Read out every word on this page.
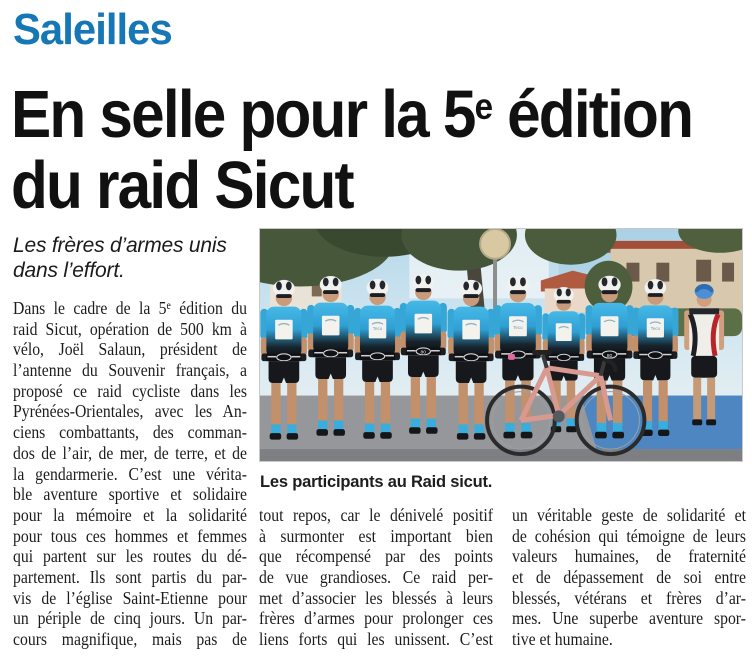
Saleilles
En selle pour la 5e édition
du raid Sicut
Les frères d’armes unis
dans l’effort.
Dans le cadre de la 5e édition du
raid Sicut, opération de 500 km à
vélo, Joël Salaun, président de
l’antenne du Souvenir français, a
proposé ce raid cycliste dans les
Pyrénées-Orientales, avec les An-
ciens combattants, des comman-
dos de l’air, de mer, de terre, et de
la gendarmerie. C’est une vérita-
ble aventure sportive et solidaire
pour la mémoire et la solidarité
pour tous ces hommes et femmes
qui partent sur les routes du dé-
partement. Ils sont partis du par-
vis de l’église Saint-Etienne pour
un périple de cinq jours. Un par-
cours magnifique, mais pas de
Teco	Teco	Teco
80
80
Les participants au Raid sicut.
tout repos, car le dénivelé positif
à surmonter est important bien
que récompensé par des points
de vue grandioses. Ce raid per-
met d’associer les blessés à leurs
frères d’armes pour prolonger ces
liens forts qui les unissent. C’est
un véritable geste de solidarité et
de cohésion qui témoigne de leurs
valeurs humaines, de fraternité
et de dépassement de soi entre
blessés, vétérans et frères d’ar-
mes. Une superbe aventure spor-
tive et humaine.
